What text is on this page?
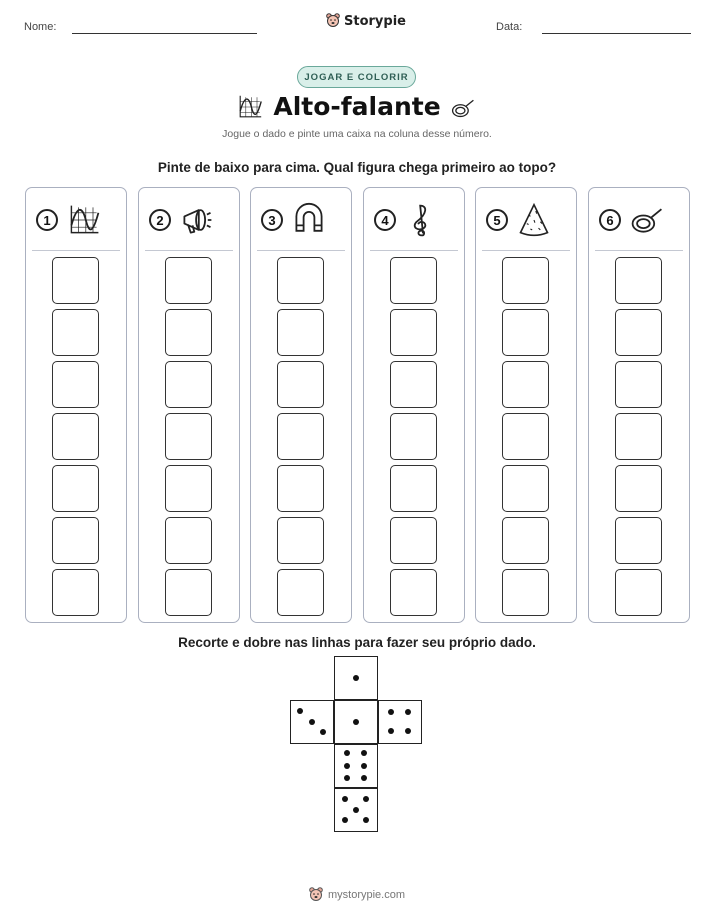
Nome:	Storypie	Data:
JOGAR E COLORIR
Alto-falante
Jogue o dado e pinte uma caixa na coluna desse número.
Pinte de baixo para cima. Qual figura chega primeiro ao topo?
1	2	3	4	5	6
Recorte e dobre nas linhas para fazer seu próprio dado.
mystorypie.com
